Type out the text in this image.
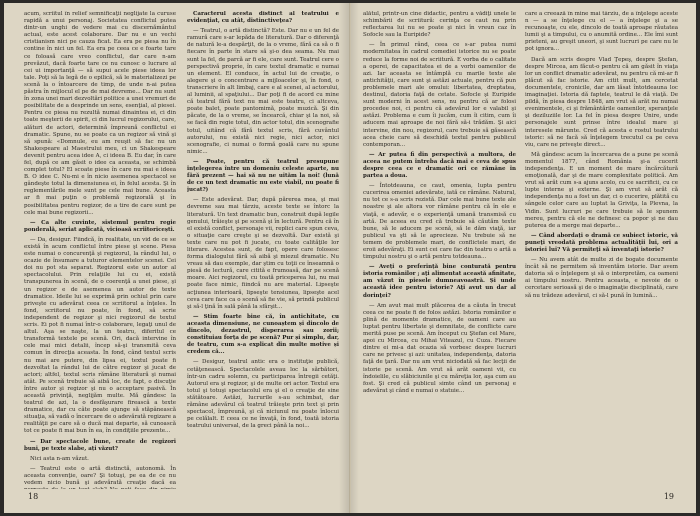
acum, scriitul în relief semnificaţii neglijate la curuse rapidă a unui personaj. Societatea conflictul putea dintr-un unghi de vedere mai cu discernământul actual, este acest colaborare. Dar nu e un vechi cristianism nici pe cauza ficat. Ea era pe piesa nu în contine în nici un fel. Ea era pe ceea ce e foarte tare ce foloasă care vreo conflictul, dar care n-am prevăzut, dacă foarte tare ce nu cunosc o lucrare al cei ui importanţă — să supui acele piese ideea lor tale. Poţi să la legă de o epilică, să le materializezi pe scenă la o întoarcere de timp, de unde n-ai putea păstra în mijlocul el pe de mai devreme... Dar nu sunt în zona unei mari dezvoltări politice a unei vremuri de posibilitate de a desprinde un sens, esenţial, al piesei. Pentru ce piesa nu rezultă numai dinaintea ei, ci din toate meşterii de spirit, ci din lucrul regizorului, care, alături de actori, determină împreună conflictul ei dramatic. Spune, nu se poate ca un regizor să vină şi să spună: «Domnule, eu am reuşit să fac nu un Shakespeare al Maestrului meu, ci un Shakespeare devenit pentru acea idee A, ci ideea B. Eu dar, în care fel, după ce am găsit o idee ca aceasta, se schimbă complet totul? El scoate piese în care nu mai e ideea B. O idee C. Nu-mi e în nicio asemenea spectacol se gândeşte totul la dimensiunea ei, în felul acesta. Şi în reglementările mele sunt pe cele mai bune. Aceasta ar fi mai puţin o problemă regizorală şi în posibilitatea pentru regizor, de a tire de care sunt pe cele mai bune regizorii...

— Ca alte cuvinte, sistemul pentru regie ponderală, seriat aplicată, vicioasă scriitoricești.

— Da, desigur. Fiindcă, în realitate, un vid de ce se există în acum conflictul între piese şi scene. Piesa este numai o concurenţă şi regizorul, la rândul lui, o ocazie de însumare a tuturor elementelor scenei. Cei doi nu pot sta separat. Regizorul este un autor al spectacolului. Prin relaţiile lui cu ei, există transpunerea în scenă, de o coerenţă a unei piese, şi un regizor e de asemenea un autor de texte dramatice. Ideile lui se exprimă prin ochiul prin care priveşte cu adevărat ceea ce scriitorul a înţeles. În fond, scriitorul nu poate, în fond, să scrie independent de regizor şi nici regizorul de textul scris. Ei pot fi numai într-o colaborare, legaţi unul de altul. Aşa se naşte, la un teatru, diferitul ce transformă textele pe scenă. Ori, dacă intervine în cele mai mici detalii, încep să-şi transmită ceva comun în direcţia aceasta. În fond, când textul scris nu mai are putere, din lipsa ei, textul poate fi dezvoltat la rândul lui de către regizor şi jucat de actori; altfel, textul scris rămâne literatură şi numai atât. Pe scenă trebuie să aibă loc, de fapt, o discuţie între autor şi regizor şi nu o acceptare pasivă. În această privinţă, neglijăm multe. Mă gândesc la teatrul de azi, la o desfăşurare firească a texte dramatice, dar cu câte poate ajunge să stăpânească situaţia, să vadă o încercare de o adevărată regizare a realităţii pe care să o ducă mai departe, să cunoască tot ce poate fi mai bun în ea, în condiţiile prezente...

— Dar spectacole bune, create de regizori buni, pe texte slabe, ați văzut?

Nici asta n-am văzut.

— Teatrul este o artă distinctă, autonomă. În aceasta convenţie, oare? Şi totuşi, pe ea de ce nu vedem nicio bună şi adevărată creaţie dacă ea

Caracterul acesta distinct al teatrului e evidenţiat, cu atât, distinctiveţea?

— Teatrul, o artă distinctă? Este. Dar nu e un fel de ramură care s-ar lepăda de literatură. Dar o diferenţă de natură le-a despărţit, de la o vreme, fără ca să o fi fiecare în parte în stare să şi-o dea seama. Nu mai sunt la fel, de parcă ar fi ele, care sunt. Teatrul cere o perspectivă proprie, în care textul dramatic e numai un element. El conduce, în actul lui de creaţie, o alegere şi o concentrare a mijloacelor şi, în fond, o transcriere în alt limbaj, care e al scenei, al actorului, al luminii, al spaţiului... Dar poţi fi de acord cu mine că teatrul fără text nu mai este teatru, ci altceva, poate balet, poate pantomimă, poate muzică. Şi din păcate, de la o vreme, se încearcă, chiar şi la noi, să se facă din regie totul, din actor totul, din scenografie totul, uitând că fără textul scris, fără cuvântul autorului, nu există nici regie, nici actor, nici scenografie, ci numai o formă goală care nu spune nimic...

— Poate, pentru că teatrul presupune înțelegerea între un domeniu celeste aparte, nu fără prezent — hai să nu ne uităm la noi! (lună de ce un text dramatic nu este viabil, nu poate fi jucat?)

— Este adevărat. Dar, după părerea mea, şi mai devreme sau mai târziu, aceste texte se întorc la literatură. Un text dramatic bun, construit după legile genului, trăieşte şi pe scenă şi în lectură. Pentru că în el există conflict, personaje vii, replici care spun ceva, o situaţie care creşte şi se dezvoltă. Dar există şi texte care nu pot fi jucate, cu toate calităţile lor literare. Acestea sunt, de fapt, opere care folosesc forma dialogului fără să aibă şi miezul dramatic. Nu vreau să dau exemple, dar ştim cu toţii ce înseamnă o piesă de lectură, care citită e frumoasă, dar pe scenă moare. Aici regizorul, cu toată priceperea lui, nu mai poate face nimic, fiindcă nu are material. Lipseşte acţiunea interioară, lipseşte tensiunea, lipseşte acel ceva care face ca o scenă să fie vie, să prindă publicul şi să-l ţină în sală până la sfârşit...

— Stim foarte bine că, în antichitate, cu aceasta dimensiune, ne cunoaștem și dincolo de dincolo, dezastrul, disperarea sau zorii; constituiau forța de pe scenă? Pur și simplu, dar, de teatru, cum s-a explicat din multe motive și credem că...

— Desigur, teatrul antic era o instituţie publică, cetăţenească. Spectacolele aveau loc la sărbători, într-un cadru solemn, cu participarea întregii cetăţi. Autorul era şi regizor, şi de multe ori actor. Textul era totul şi totuşi spectacolul era şi el o creaţie de sine stătătoare. Astăzi, lucrurile s-au schimbat, dar rămâne adevărul că teatrul trăieşte prin text şi prin spectacol, împreună, şi că niciunul nu poate înlocui pe celălalt. E ceea ce ne învaţă, în fond, toată istoria teatrului universal, de la greci până la noi...

18

alătul, printr-un cine didactic, pentru a vădiţi unele le schimbării de scriitură: cerinţa ce caut nu prin reflectarea lui nu se poate şi nici în vreun caz în Sofocle sau la Euripide?

— În primul rând, ceea ce s-ar putea numi modernitatea în cadrul comediei istorice nu se poate reduce la forme noi de scriitură. E vorba de o calitate a operei, de capacitatea ei de a vorbi oamenilor de azi. Iar aceasta se întâmplă cu marile texte ale antichităţii, care sunt şi astăzi actuale, pentru că pun problemele mari ale omului: libertatea, dreptatea, destinul, datoria faţă de cetate. Sofocle şi Euripide sunt moderni în acest sens, nu pentru că ar folosi procedee noi, ci pentru că adevărul lor e valabil şi astăzi. Problema e cum îi jucăm, cum îi citim, cum îi aducem mai aproape de noi fără să-i trădăm. Şi aici intervine, din nou, regizorul, care trebuie să găsească acea cheie care să deschidă textul pentru publicul contemporan...

— Ar putea fi din perspectivă a multora, de aceea ne putem întreba dacă mai e ceva de spus despre ceea ce e dramatic ori ce rămâne în partea a doua.

— Întotdeauna, ce caut, omenia, lupta pentru cucerirea omeniei adevărate, iată ce rămâne. Natural, nu tot ce s-a scris rezistă. Dar cele mai bune texte ale noastre şi ale altora vor rămâne pentru că în ele e viaţă, e adevăr, e o experienţă umană transmisă cu artă. De aceea eu cred că trebuie să căutăm texte bune, să le aducem pe scenă, să le dăm viaţă, iar publicul va şti să le aprecieze. Nu trebuie să ne temem de problemele mari, de conflictele mari, de eroii adevăraţi. Ei sunt cei care fac din teatru o artă a timpului nostru şi o artă pentru totdeauna...

— Aveți o preferință bine conturată pentru istoria românilor ; aţi alimentat această afinitate, am văzut în piesele dumneavoastră. Și unde această idee pentru istorie? Aţi avut un dar al dorinţei?

— Am avut mai mult plăcerea de a căuta în trecut ceea ce ne poate fi de folos astăzi. Istoria românilor e plină de momente dramatice, de oameni care au luptat pentru libertate şi demnitate, de conflicte care merită puse pe scenă. Am început cu Ştefan cel Mare, apoi cu Mircea, cu Mihai Viteazul, cu Cuza. Fiecare dintre ei mi-a dat ocazia să vorbesc despre lucruri care ne privesc şi azi: unitatea, independenţa, datoria faţă de ţară. Dar nu am vrut niciodată să fac lecţii de istorie pe scenă. Am vrut să arăt oameni vii, cu îndoielile, cu slăbiciunile şi cu măreţia lor, aşa cum au fost. Şi cred că publicul simte când un personaj e adevărat şi când e numai o statuie...

care a creează în mine mai târziu, de a înţelege aceste n — a se înţelege cu el — a înţelege şi a se recunoaşte, cu ele, dincolo de toată aproape răutatea lumii şi a timpului, cu o anumită ordine... Ele îmi sunt prieteni, au greşit uneori, şi sunt lucruri pe care nu le pot ignora...

Dacă am scris despre Vlad Ţepeş, despre Ştefan, despre Mircea, am făcut-o pentru că am găsit în viaţa lor un conflict dramatic adevărat, nu pentru că mi-ar fi plăcut să fac istorie. Am citit mult, am cercetat documentele, cronicile, dar am lăsat întotdeauna loc imaginaţiei. Istoria dă faptele, teatrul le dă viaţă. De pildă, în piesa despre 1848, am vrut să arăt nu numai evenimentele, ci şi frământările oamenilor, speranţele şi deziluziile lor. La fel în piesa despre Unire, unde personajele sunt prinse între idealul mare şi interesele mărunte. Cred că acesta e rostul teatrului istoric: să ne facă să înţelegem trecutul ca pe ceva viu, care ne priveşte direct...

Mă gândesc acum la încercarea de a pune pe scenă momentul 1877, când România şi-a cucerit independenţa. E un moment de mare încărcătură emoţională, dar şi de mare complexitate politică. Am vrut să arăt cum s-a ajuns acolo, cu ce sacrificii, cu ce lupte interne şi externe. Şi am vrut să arăt că independenţa nu a fost un dar, ci o cucerire, plătită cu sângele celor care au luptat la Griviţa, la Plevna, la Vidin. Sunt lucruri pe care trebuie să le spunem mereu, pentru că ele ne definesc ca popor şi ne dau puterea de a merge mai departe...

— Când abordați o dramă ce subiect istoric, vă puneţi vreodată problema actualităţii lui, ori a istoriei lui? Vă permiteţi să inventaţi istorie?

— Nu avem atât de multe zi de bogate documente încât să ne permitem să inventăm istorie. Dar avem datoria să o înţelegem şi să o interpretăm, ca oameni ai timpului nostru. Pentru aceasta, e nevoie de o cercetare serioasă şi de o imaginaţie disciplinată, care să nu trădeze adevărul, ci să-l pună în lumină...

19
